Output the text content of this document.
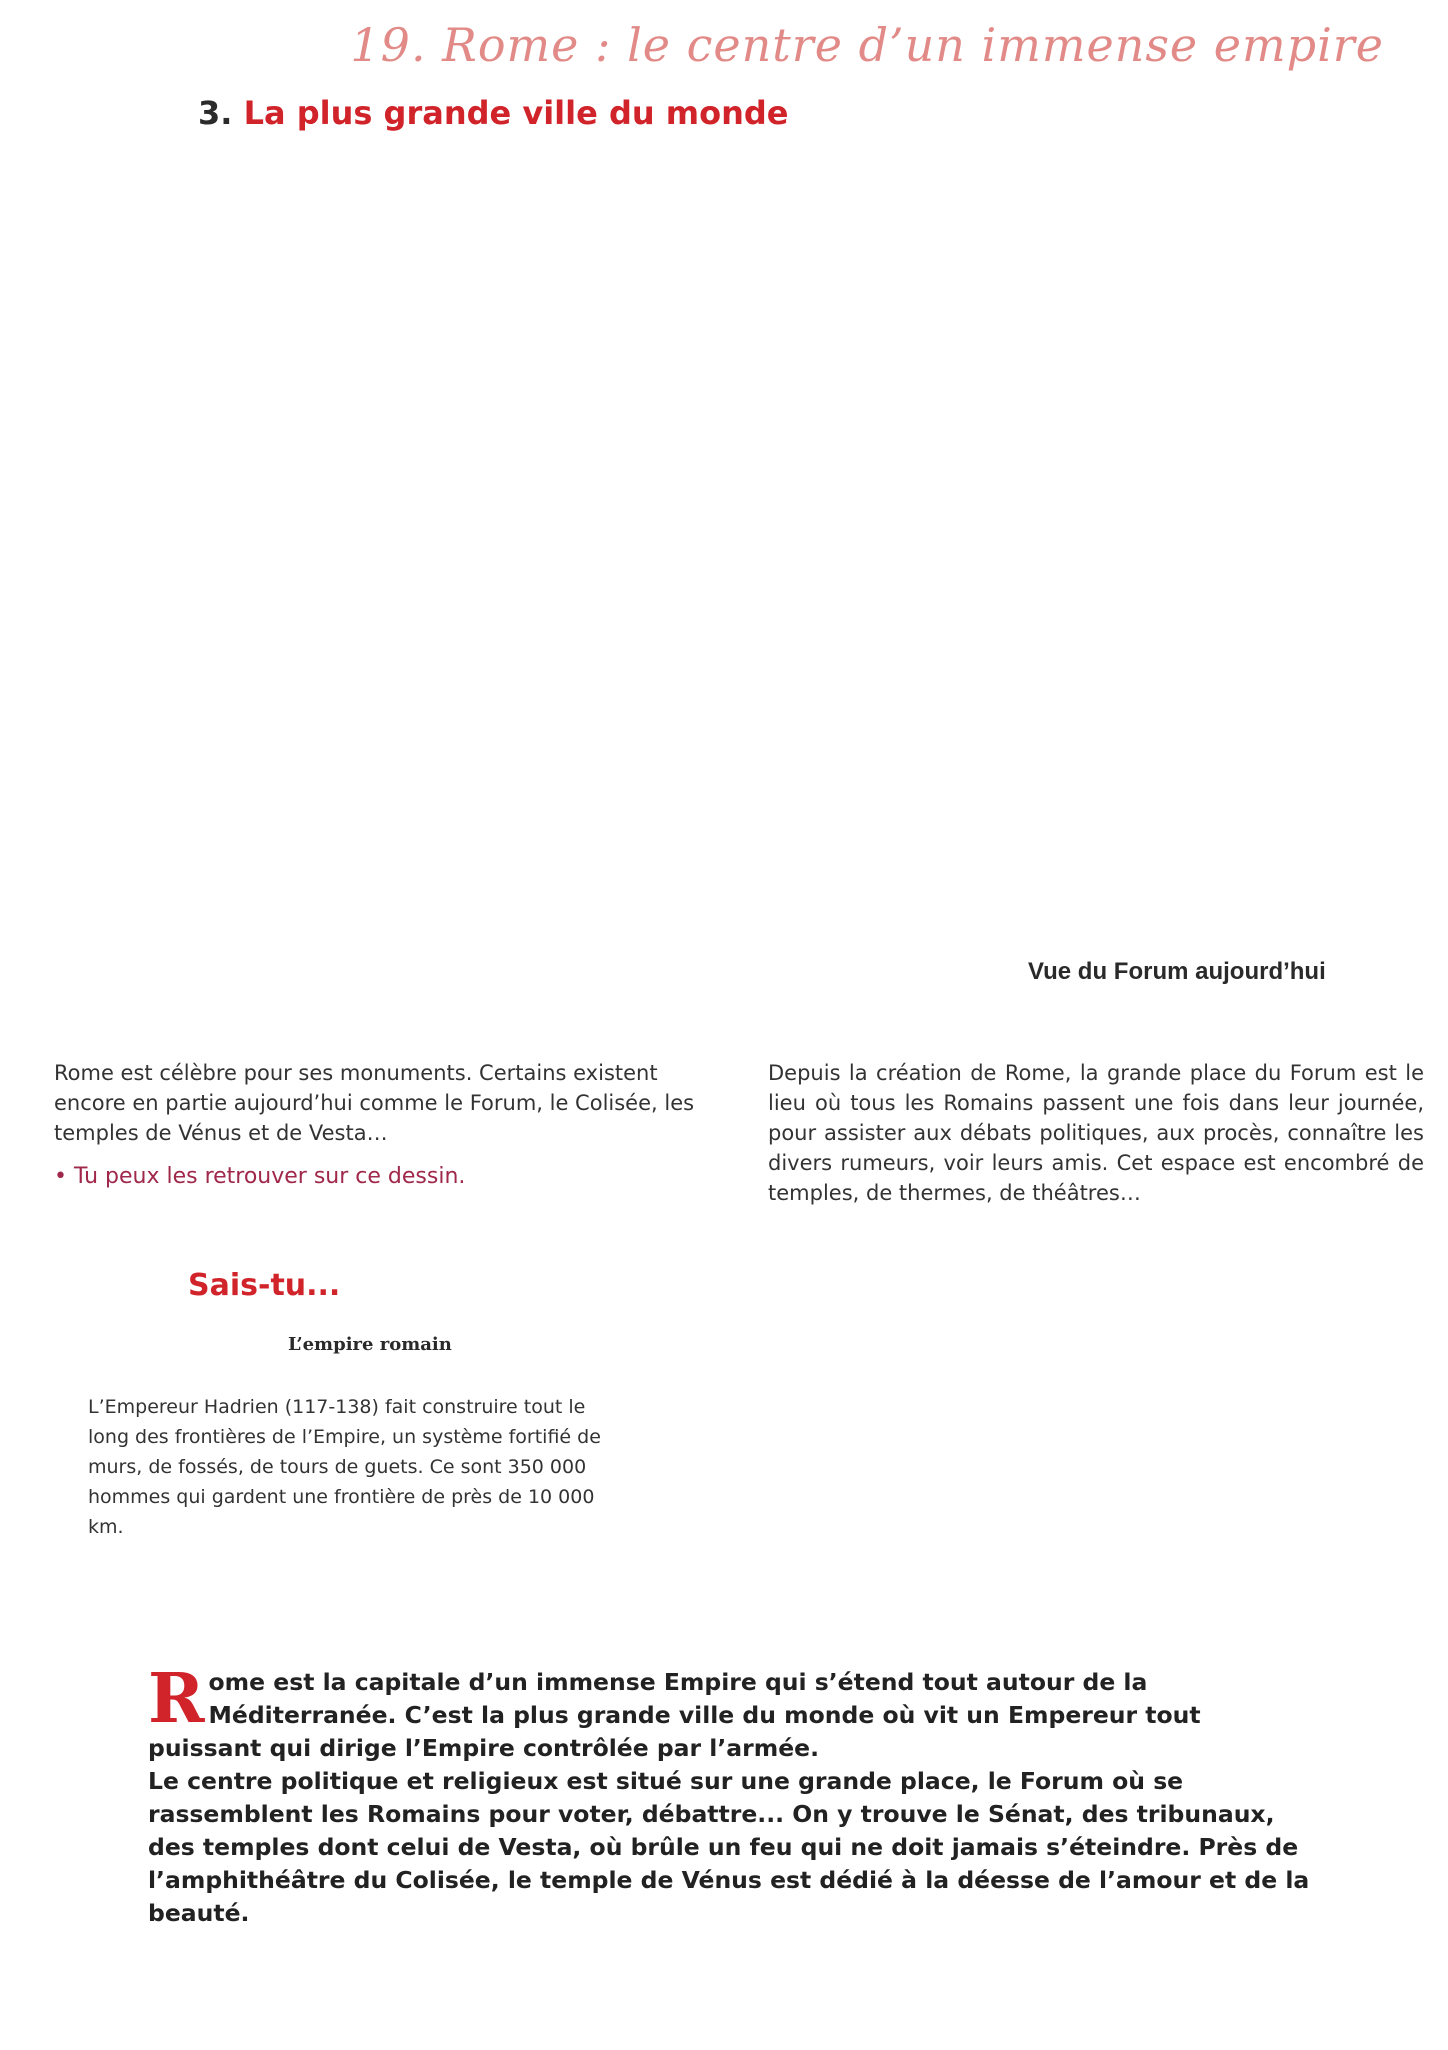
19. Rome : le centre d’un immense empire
3. La plus grande ville du monde
Vue du Forum aujourd’hui

Rome est célèbre pour ses monuments. Certains existent encore en partie aujourd’hui comme le Forum, le Colisée, les temples de Vénus et de Vesta…

• Tu peux les retrouver sur ce dessin.

Depuis la création de Rome, la grande place du Forum est le lieu où tous les Romains passent une fois dans leur journée, pour assister aux débats politiques, aux procès, connaître les divers rumeurs, voir leurs amis. Cet espace est encombré de temples, de thermes, de théâtres…

Sais-tu...
L’empire romain

L’Empereur Hadrien (117-138) fait construire tout le long des frontières de l’Empire, un système fortifié de murs, de fossés, de tours de guets. Ce sont 350 000 hommes qui gardent une frontière de près de 10 000 km.

R ome est la capitale d’un immense Empire qui s’étend tout autour de la Méditerranée. C’est la plus grande ville du monde où vit un Empereur tout puissant qui dirige l’Empire contrôlée par l’armée.

Le centre politique et religieux est situé sur une grande place, le Forum où se rassemblent les Romains pour voter, débattre... On y trouve le Sénat, des tribunaux, des temples dont celui de Vesta, où brûle un feu qui ne doit jamais s’éteindre. Près de l’amphithéâtre du Colisée, le temple de Vénus est dédié à la déesse de l’amour et de la beauté.
